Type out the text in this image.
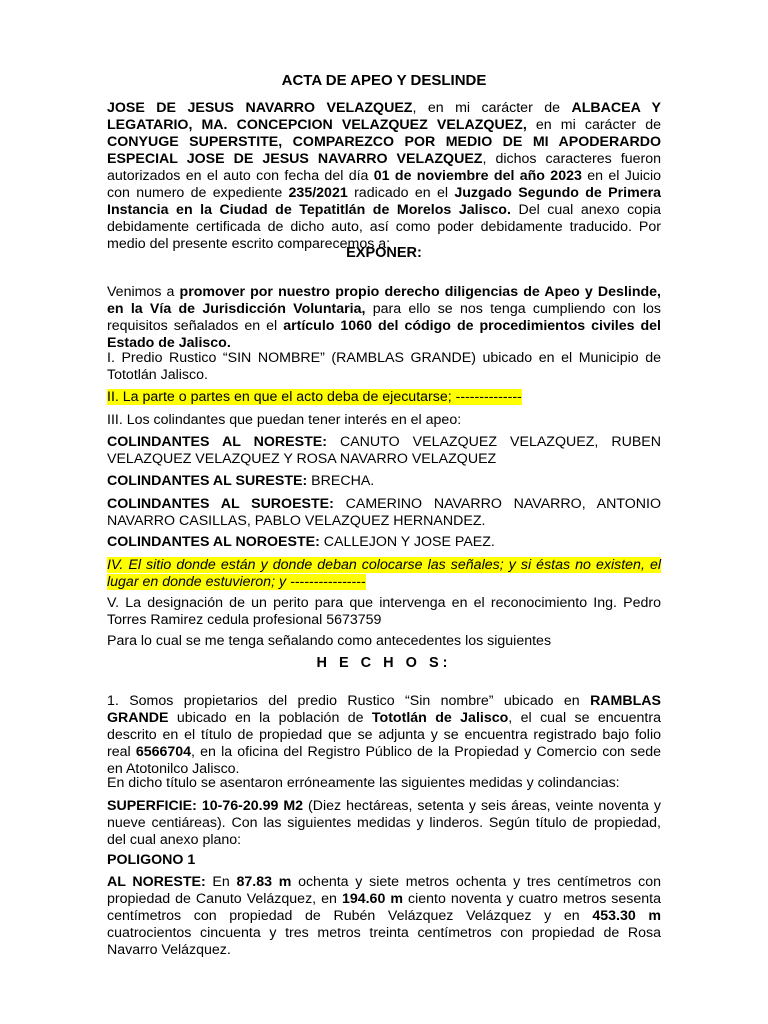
ACTA DE APEO Y DESLINDE

JOSE DE JESUS NAVARRO VELAZQUEZ, en mi carácter de ALBACEA Y LEGATARIO, MA. CONCEPCION VELAZQUEZ VELAZQUEZ, en mi carácter de CONYUGE SUPERSTITE, COMPAREZCO POR MEDIO DE MI APODERARDO ESPECIAL JOSE DE JESUS NAVARRO VELAZQUEZ, dichos caracteres fueron autorizados en el auto con fecha del día 01 de noviembre del año 2023 en el Juicio con numero de expediente 235/2021 radicado en el Juzgado Segundo de Primera Instancia en la Ciudad de Tepatitlán de Morelos Jalisco. Del cual anexo copia debidamente certificada de dicho auto, así como poder debidamente traducido. Por medio del presente escrito comparecemos a:

EXPONER:

Venimos a promover por nuestro propio derecho diligencias de Apeo y Deslinde, en la Vía de Jurisdicción Voluntaria, para ello se nos tenga cumpliendo con los requisitos señalados en el artículo 1060 del código de procedimientos civiles del Estado de Jalisco.

I. Predio Rustico “SIN NOMBRE” (RAMBLAS GRANDE) ubicado en el Municipio de Tototlán Jalisco.

II. La parte o partes en que el acto deba de ejecutarse; --------------

III. Los colindantes que puedan tener interés en el apeo:

COLINDANTES AL NORESTE: CANUTO VELAZQUEZ VELAZQUEZ, RUBEN VELAZQUEZ VELAZQUEZ Y ROSA NAVARRO VELAZQUEZ

COLINDANTES AL SURESTE: BRECHA.

COLINDANTES AL SUROESTE: CAMERINO NAVARRO NAVARRO, ANTONIO NAVARRO CASILLAS, PABLO VELAZQUEZ HERNANDEZ.

COLINDANTES AL NOROESTE: CALLEJON Y JOSE PAEZ.

IV. El sitio donde están y donde deban colocarse las señales; y si éstas no existen, el lugar en donde estuvieron; y ----------------

V. La designación de un perito para que intervenga en el reconocimiento Ing. Pedro Torres Ramirez cedula profesional 5673759

Para lo cual se me tenga señalando como antecedentes los siguientes

H E C H O S:

1. Somos propietarios del predio Rustico “Sin nombre” ubicado en RAMBLAS GRANDE ubicado en la población de Tototlán de Jalisco, el cual se encuentra descrito en el título de propiedad que se adjunta y se encuentra registrado bajo folio real 6566704, en la oficina del Registro Público de la Propiedad y Comercio con sede en Atotonilco Jalisco.

En dicho título se asentaron erróneamente las siguientes medidas y colindancias:

SUPERFICIE: 10-76-20.99 M2 (Diez hectáreas, setenta y seis áreas, veinte noventa y nueve centiáreas). Con las siguientes medidas y linderos. Según título de propiedad, del cual anexo plano:

POLIGONO 1

AL NORESTE: En 87.83 m ochenta y siete metros ochenta y tres centímetros con propiedad de Canuto Velázquez, en 194.60 m ciento noventa y cuatro metros sesenta centímetros con propiedad de Rubén Velázquez Velázquez y en 453.30 m cuatrocientos cincuenta y tres metros treinta centímetros con propiedad de Rosa Navarro Velázquez.
